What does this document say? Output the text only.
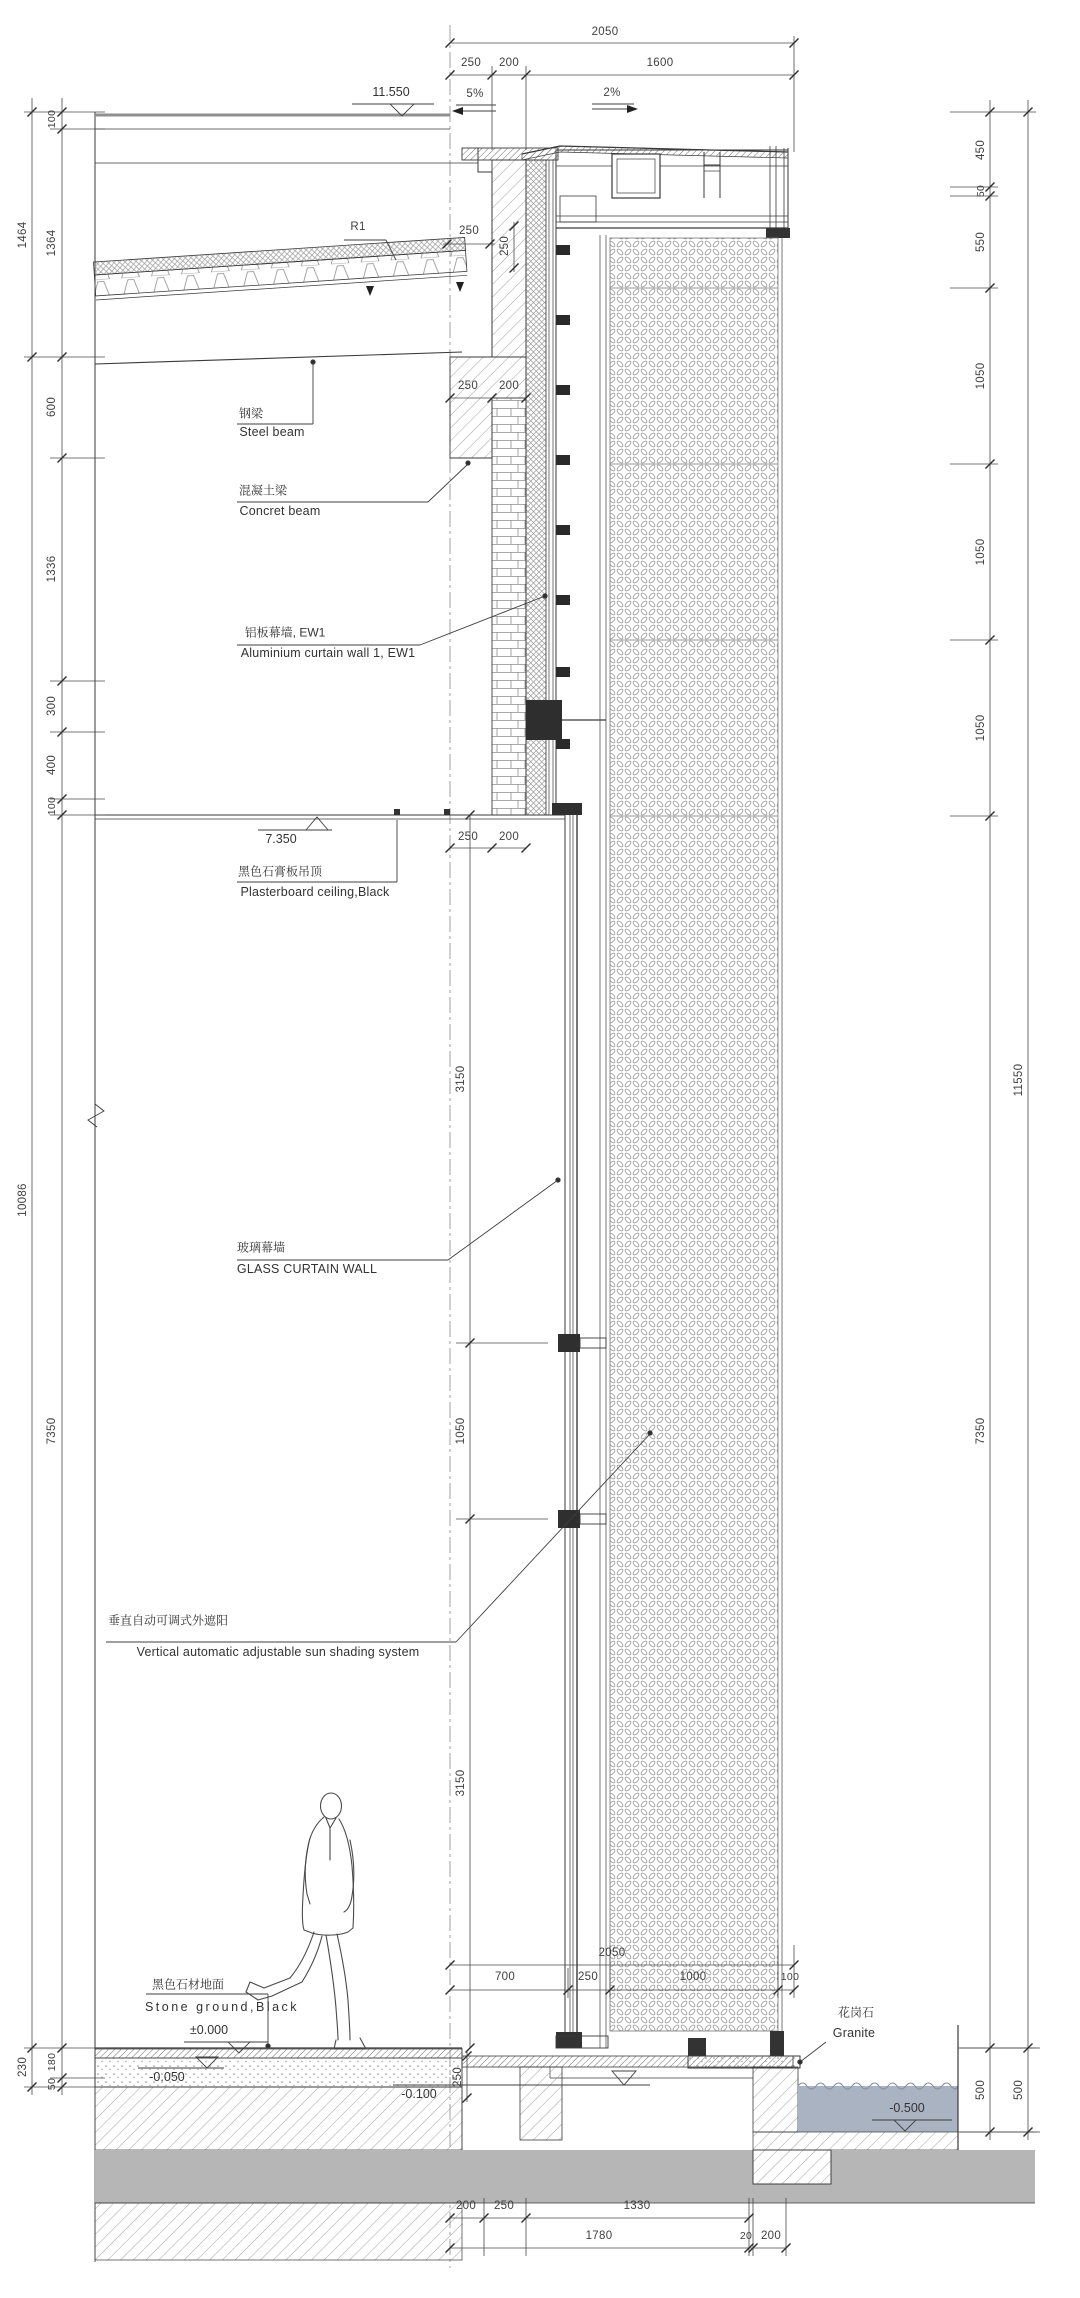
2050
250 200	1600
11.550	5%	2%
250
250
250 200
250 200
R1
钢梁
Steel beam
混凝土梁
Concret beam
铝板幕墙, EW1
Aluminium curtain wall 1, EW1
7.350
黑色石膏板吊顶
Plasterboard ceiling,Black
玻璃幕墙
GLASS CURTAIN WALL
垂直自动可调式外遮阳
Vertical automatic adjustable sun shading system
黑色石材地面
Stone ground,Black	花岗石
Granite
±0.000
-0.050
-0.100
-0.500
3150
1050
3150
250
1464
10086
230
100
1364
600
1336
300
400
100
7350
180
50
450
50
550
1050
1050
1050
7350
500
11550
500
2050
700	250	1000	100
200 250	1330
1780	20 200
